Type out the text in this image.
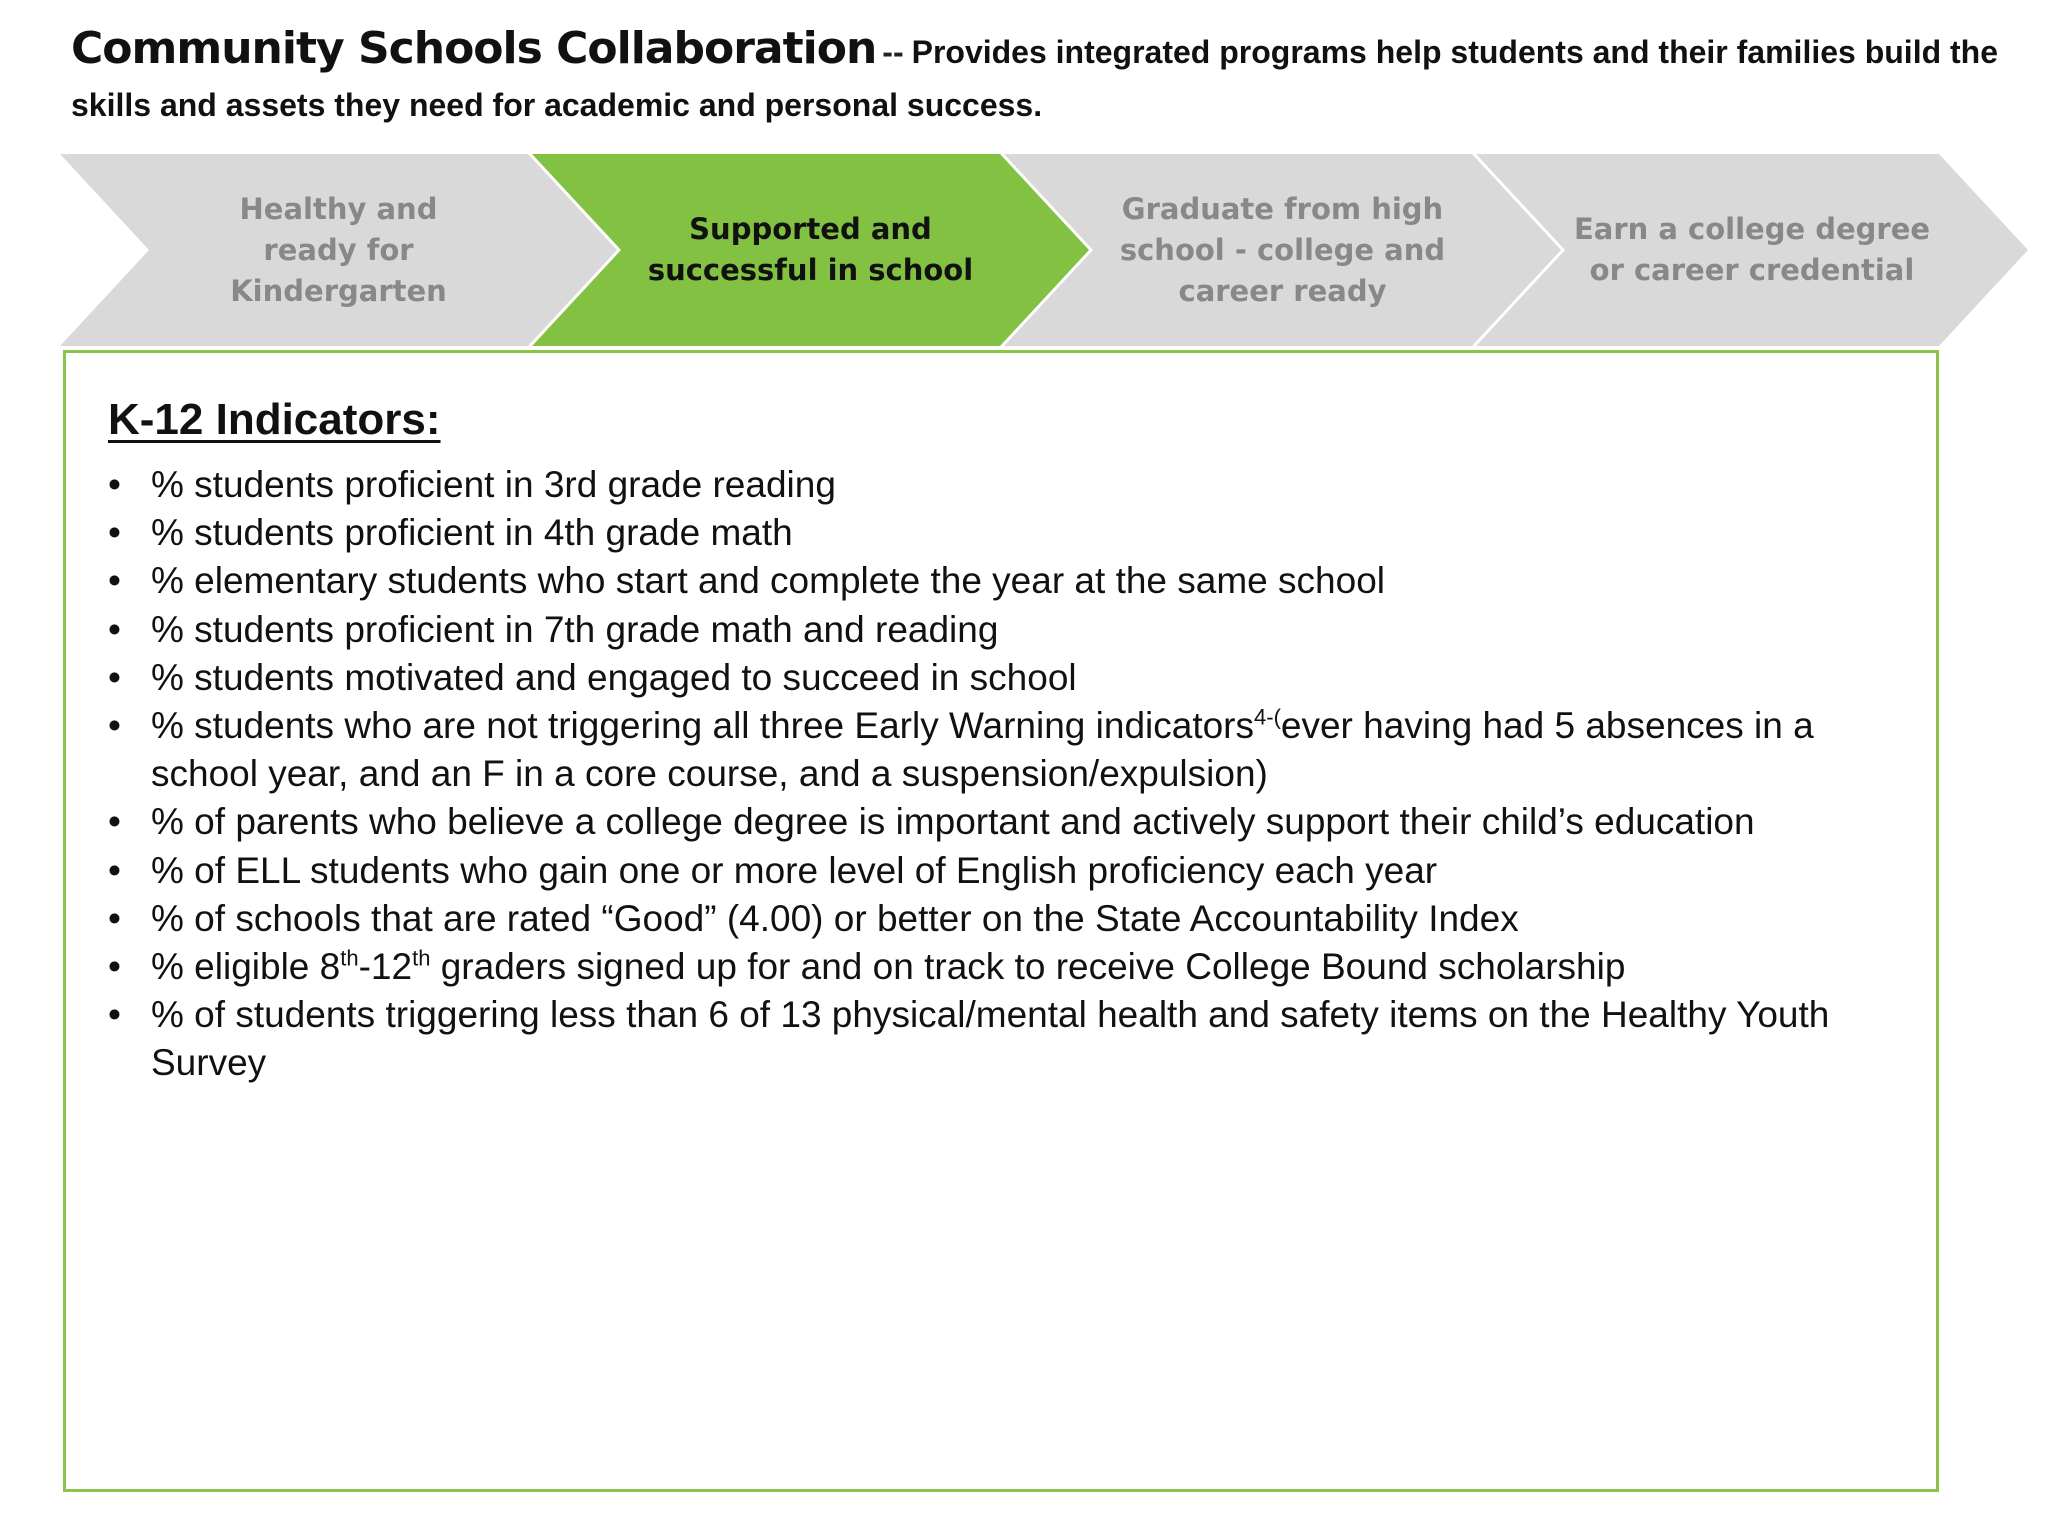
Community Schools Collaboration -- Provides integrated programs help students and their families build the skills and assets they need for academic and personal success.
Healthy and
ready for
Kindergarten
Supported and
successful in school
Graduate from high
school - college and
career ready
Earn a college degree
or career credential
K-12 Indicators:
• % students proficient in 3rd grade reading
• % students proficient in 4th grade math
• % elementary students who start and complete the year at the same school
• % students proficient in 7th grade math and reading
• % students motivated and engaged to succeed in school
• % students who are not triggering all three Early Warning indicators$^{4-(}$ever having had 5 absences in a school year, and an F in a core course, and a suspension/expulsion)
• % of parents who believe a college degree is important and actively support their child’s education
• % of ELL students who gain one or more level of English proficiency each year
• % of schools that are rated “Good” (4.00) or better on the State Accountability Index
• % eligible 8th-12th graders signed up for and on track to receive College Bound scholarship
• % of students triggering less than 6 of 13 physical/mental health and safety items on the Healthy Youth Survey
